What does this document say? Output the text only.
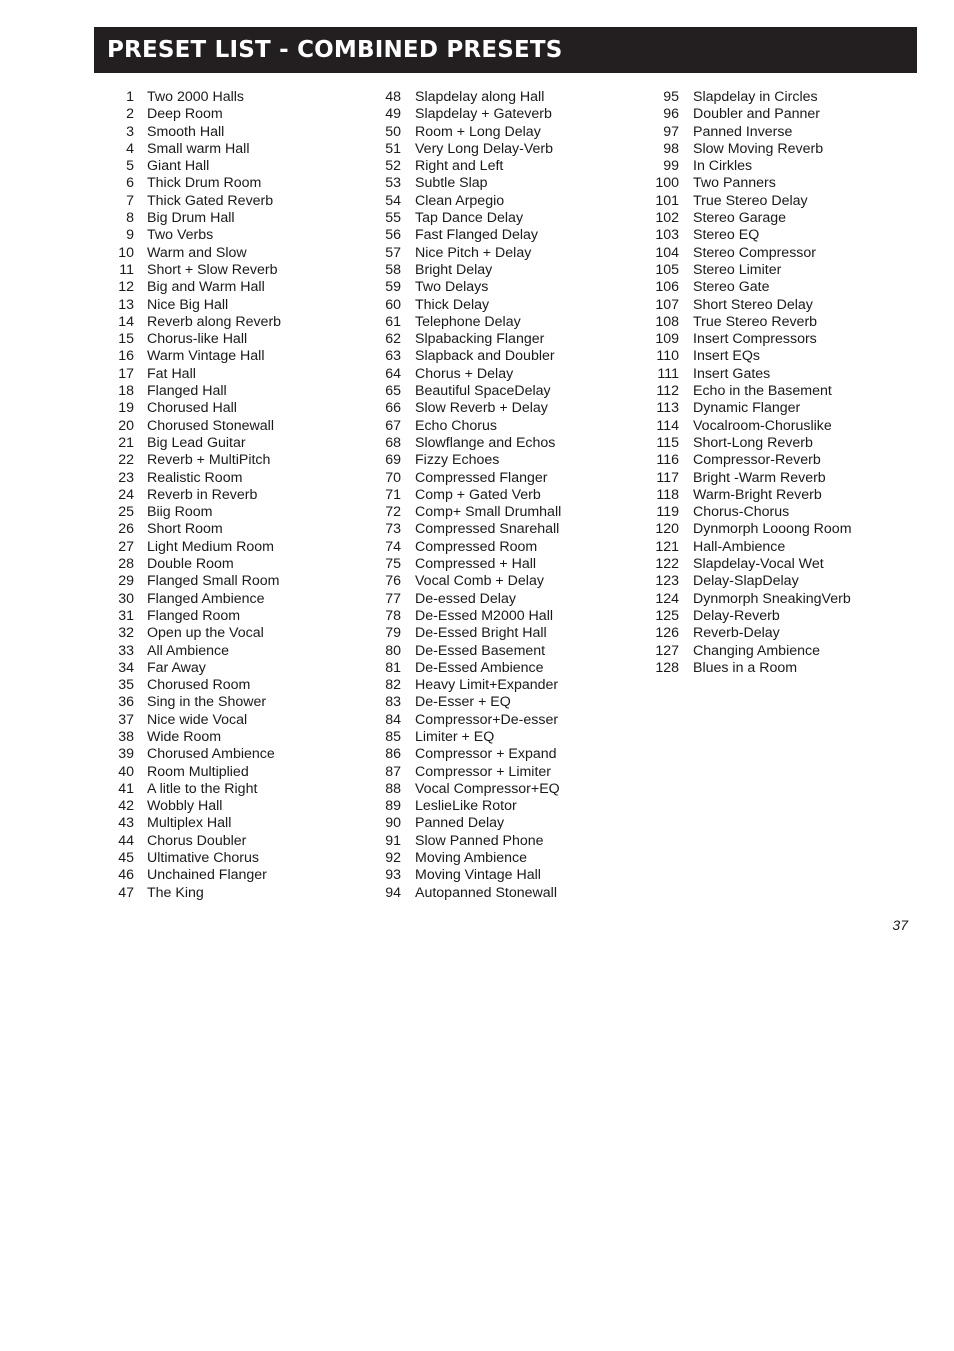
PRESET LIST - COMBINED PRESETS
1 Two 2000 Halls
2 Deep Room
3 Smooth Hall
4 Small warm Hall
5 Giant Hall
6 Thick Drum Room
7 Thick Gated Reverb
8 Big Drum Hall
9 Two Verbs
10 Warm and Slow
11 Short + Slow Reverb
12 Big and Warm Hall
13 Nice Big Hall
14 Reverb along Reverb
15 Chorus-like Hall
16 Warm Vintage Hall
17 Fat Hall
18 Flanged Hall
19 Chorused Hall
20 Chorused Stonewall
21 Big Lead Guitar
22 Reverb + MultiPitch
23 Realistic Room
24 Reverb in Reverb
25 Biig Room
26 Short Room
27 Light Medium Room
28 Double Room
29 Flanged Small Room
30 Flanged Ambience
31 Flanged Room
32 Open up the Vocal
33 All Ambience
34 Far Away
35 Chorused Room
36 Sing in the Shower
37 Nice wide Vocal
38 Wide Room
39 Chorused Ambience
40 Room Multiplied
41 A litle to the Right
42 Wobbly Hall
43 Multiplex Hall
44 Chorus Doubler
45 Ultimative Chorus
46 Unchained Flanger
47 The King
48 Slapdelay along Hall
49 Slapdelay + Gateverb
50 Room + Long Delay
51 Very Long Delay-Verb
52 Right and Left
53 Subtle Slap
54 Clean Arpegio
55 Tap Dance Delay
56 Fast Flanged Delay
57 Nice Pitch + Delay
58 Bright Delay
59 Two Delays
60 Thick Delay
61 Telephone Delay
62 Slpabacking Flanger
63 Slapback and Doubler
64 Chorus + Delay
65 Beautiful SpaceDelay
66 Slow Reverb + Delay
67 Echo Chorus
68 Slowflange and Echos
69 Fizzy Echoes
70 Compressed Flanger
71 Comp + Gated Verb
72 Comp+ Small Drumhall
73 Compressed Snarehall
74 Compressed Room
75 Compressed + Hall
76 Vocal Comb + Delay
77 De-essed Delay
78 De-Essed M2000 Hall
79 De-Essed Bright Hall
80 De-Essed Basement
81 De-Essed Ambience
82 Heavy Limit+Expander
83 De-Esser + EQ
84 Compressor+De-esser
85 Limiter + EQ
86 Compressor + Expand
87 Compressor + Limiter
88 Vocal Compressor+EQ
89 LeslieLike Rotor
90 Panned Delay
91 Slow Panned Phone
92 Moving Ambience
93 Moving Vintage Hall
94 Autopanned Stonewall
95 Slapdelay in Circles
96 Doubler and Panner
97 Panned Inverse
98 Slow Moving Reverb
99 In Cirkles
100 Two Panners
101 True Stereo Delay
102 Stereo Garage
103 Stereo EQ
104 Stereo Compressor
105 Stereo Limiter
106 Stereo Gate
107 Short Stereo Delay
108 True Stereo Reverb
109 Insert Compressors
110 Insert EQs
111 Insert Gates
112 Echo in the Basement
113 Dynamic Flanger
114 Vocalroom-Choruslike
115 Short-Long Reverb
116 Compressor-Reverb
117 Bright -Warm Reverb
118 Warm-Bright Reverb
119 Chorus-Chorus
120 Dynmorph Looong Room
121 Hall-Ambience
122 Slapdelay-Vocal Wet
123 Delay-SlapDelay
124 Dynmorph SneakingVerb
125 Delay-Reverb
126 Reverb-Delay
127 Changing Ambience
128 Blues in a Room
37
